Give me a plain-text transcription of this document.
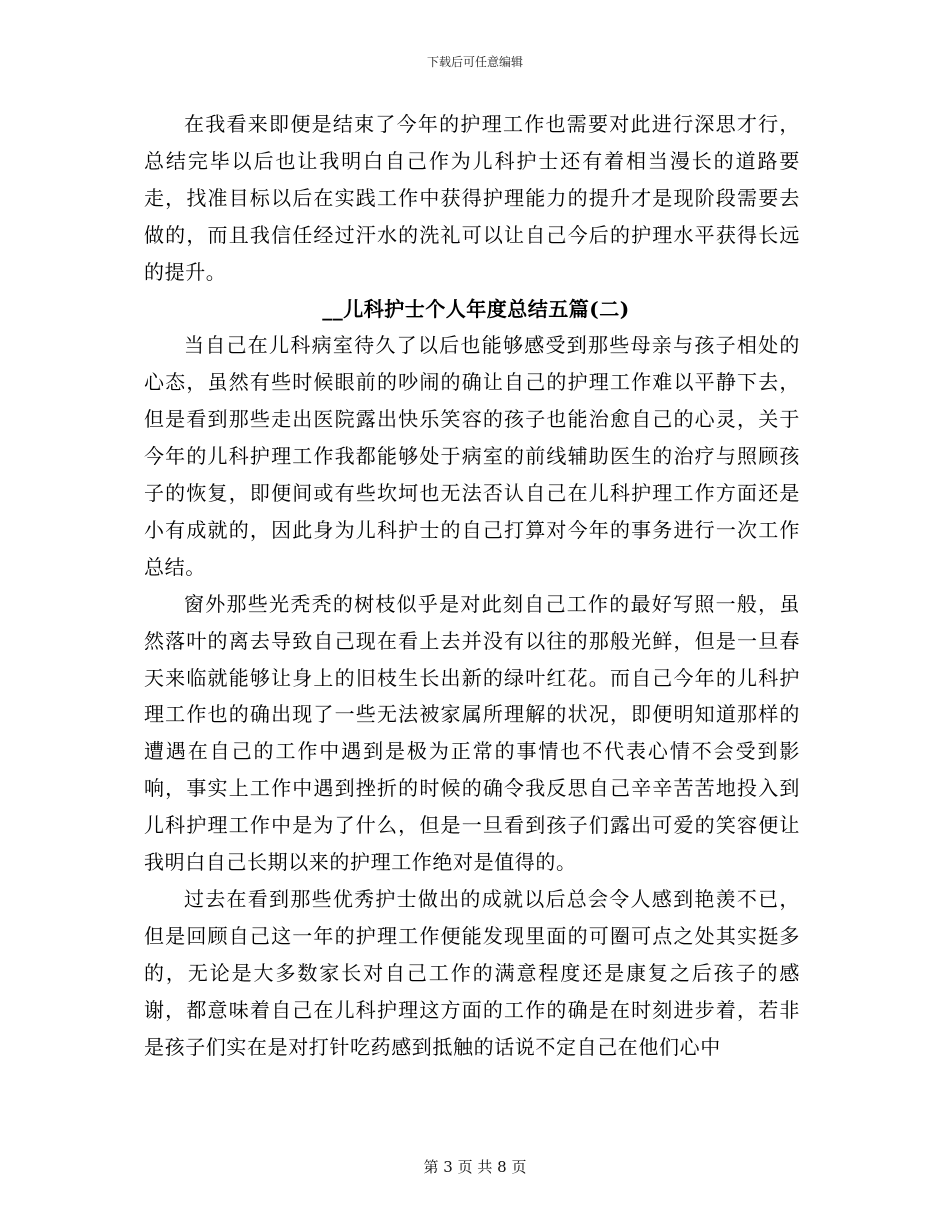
下载后可任意编辑

在我看来即便是结束了今年的护理工作也需要对此进行深思才行，总结完毕以后也让我明白自己作为儿科护士还有着相当漫长的道路要走，找准目标以后在实践工作中获得护理能力的提升才是现阶段需要去做的，而且我信任经过汗水的洗礼可以让自己今后的护理水平获得长远的提升。

__儿科护士个人年度总结五篇(二)

当自己在儿科病室待久了以后也能够感受到那些母亲与孩子相处的心态，虽然有些时候眼前的吵闹的确让自己的护理工作难以平静下去，但是看到那些走出医院露出快乐笑容的孩子也能治愈自己的心灵，关于今年的儿科护理工作我都能够处于病室的前线辅助医生的治疗与照顾孩子的恢复，即便间或有些坎坷也无法否认自己在儿科护理工作方面还是小有成就的，因此身为儿科护士的自己打算对今年的事务进行一次工作总结。

窗外那些光秃秃的树枝似乎是对此刻自己工作的最好写照一般，虽然落叶的离去导致自己现在看上去并没有以往的那般光鲜，但是一旦春天来临就能够让身上的旧枝生长出新的绿叶红花。而自己今年的儿科护理工作也的确出现了一些无法被家属所理解的状况，即便明知道那样的遭遇在自己的工作中遇到是极为正常的事情也不代表心情不会受到影响，事实上工作中遇到挫折的时候的确令我反思自己辛辛苦苦地投入到儿科护理工作中是为了什么，但是一旦看到孩子们露出可爱的笑容便让我明白自己长期以来的护理工作绝对是值得的。

过去在看到那些优秀护士做出的成就以后总会令人感到艳羡不已，但是回顾自己这一年的护理工作便能发现里面的可圈可点之处其实挺多的，无论是大多数家长对自己工作的满意程度还是康复之后孩子的感谢，都意味着自己在儿科护理这方面的工作的确是在时刻进步着，若非是孩子们实在是对打针吃药感到抵触的话说不定自己在他们心中

第 3 页 共 8 页
